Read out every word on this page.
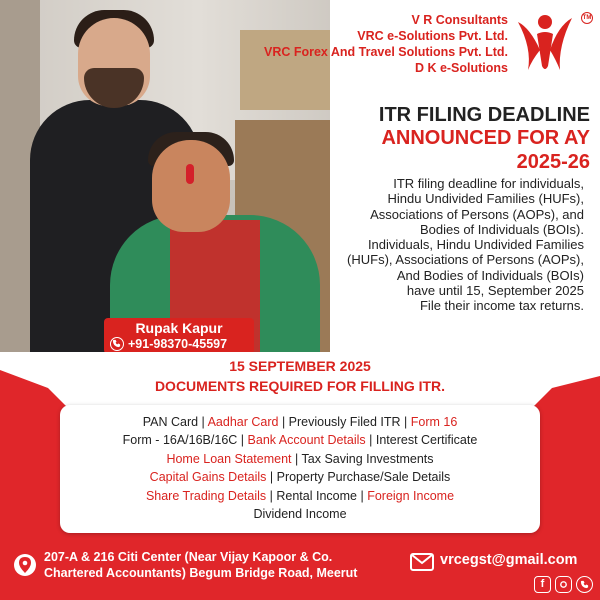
Rupak Kapur
+91-98370-45597
V R Consultants
VRC e-Solutions Pvt. Ltd.
VRC Forex And Travel Solutions Pvt. Ltd.
D K e-Solutions
TM
ITR FILING DEADLINE
ANNOUNCED FOR AY
2025-26
ITR filing deadline for individuals,
Hindu Undivided Families (HUFs),
Associations of Persons (AOPs), and
Bodies of Individuals (BOIs).
Individuals, Hindu Undivided Families
(HUFs), Associations of Persons (AOPs),
And Bodies of Individuals (BOIs)
have until 15, September 2025
File their income tax returns.
15 SEPTEMBER 2025
DOCUMENTS REQUIRED FOR FILLING ITR.
PAN Card | Aadhar Card | Previously Filed ITR | Form 16
Form - 16A/16B/16C | Bank Account Details | Interest Certificate
Home Loan Statement | Tax Saving Investments
Capital Gains Details | Property Purchase/Sale Details
Share Trading Details | Rental Income | Foreign Income
Dividend Income
207-A & 216 Citi Center (Near Vijay Kapoor & Co.
Chartered Accountants) Begum Bridge Road, Meerut
vrcegst@gmail.com
f
